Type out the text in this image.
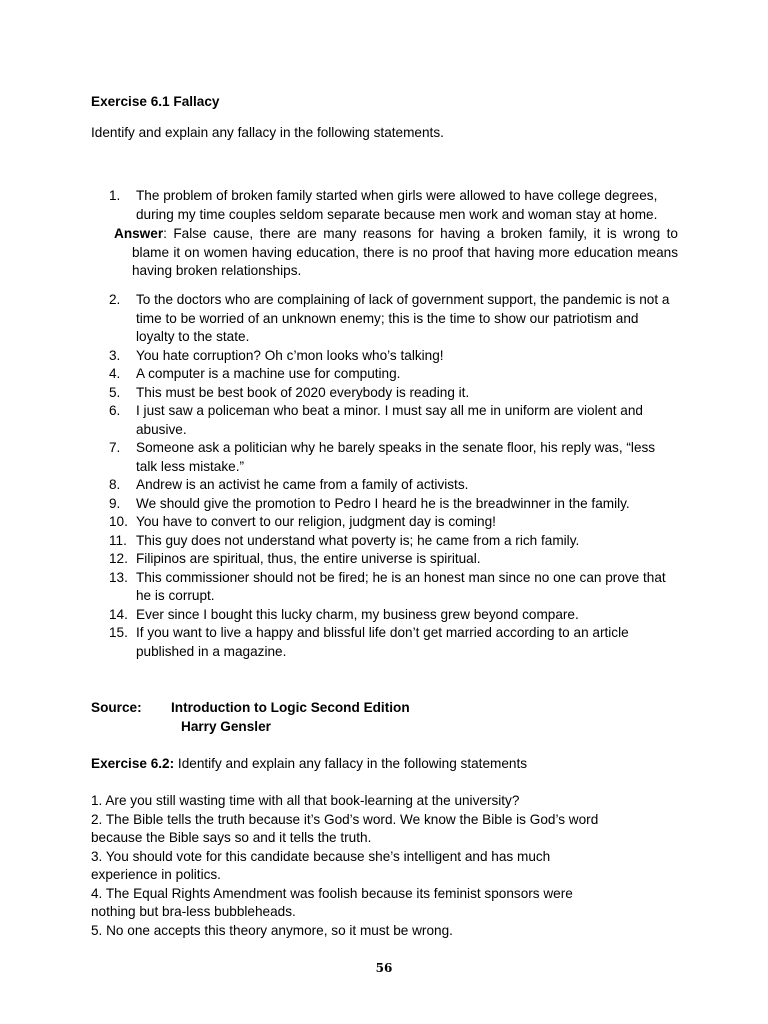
Exercise 6.1 Fallacy
Identify and explain any fallacy in the following statements.
1.	The problem of broken family started when girls were allowed to have college degrees, during my time couples seldom separate because men work and woman stay at home.
Answer: False cause, there are many reasons for having a broken family, it is wrong to blame it on women having education, there is no proof that having more education means having broken relationships.
2.	To the doctors who are complaining of lack of government support, the pandemic is not a time to be worried of an unknown enemy; this is the time to show our patriotism and loyalty to the state.
3.	You hate corruption? Oh c’mon looks who’s talking!
4.	A computer is a machine use for computing.
5.	This must be best book of 2020 everybody is reading it.
6.	I just saw a policeman who beat a minor. I must say all me in uniform are violent and abusive.
7.	Someone ask a politician why he barely speaks in the senate floor, his reply was, “less talk less mistake.”
8.	Andrew is an activist he came from a family of activists.
9.	We should give the promotion to Pedro I heard he is the breadwinner in the family.
10. You have to convert to our religion, judgment day is coming!
11. This guy does not understand what poverty is; he came from a rich family.
12. Filipinos are spiritual, thus, the entire universe is spiritual.
13. This commissioner should not be fired; he is an honest man since no one can prove that he is corrupt.
14. Ever since I bought this lucky charm, my business grew beyond compare.
15. If you want to live a happy and blissful life don’t get married according to an article published in a magazine.
Source: Introduction to Logic Second Edition
Harry Gensler
Exercise 6.2: Identify and explain any fallacy in the following statements
1. Are you still wasting time with all that book-learning at the university?
2. The Bible tells the truth because it’s God’s word. We know the Bible is God’s word because the Bible says so and it tells the truth.
3. You should vote for this candidate because she’s intelligent and has much experience in politics.
4. The Equal Rights Amendment was foolish because its feminist sponsors were nothing but bra-less bubbleheads.
5. No one accepts this theory anymore, so it must be wrong.
56
